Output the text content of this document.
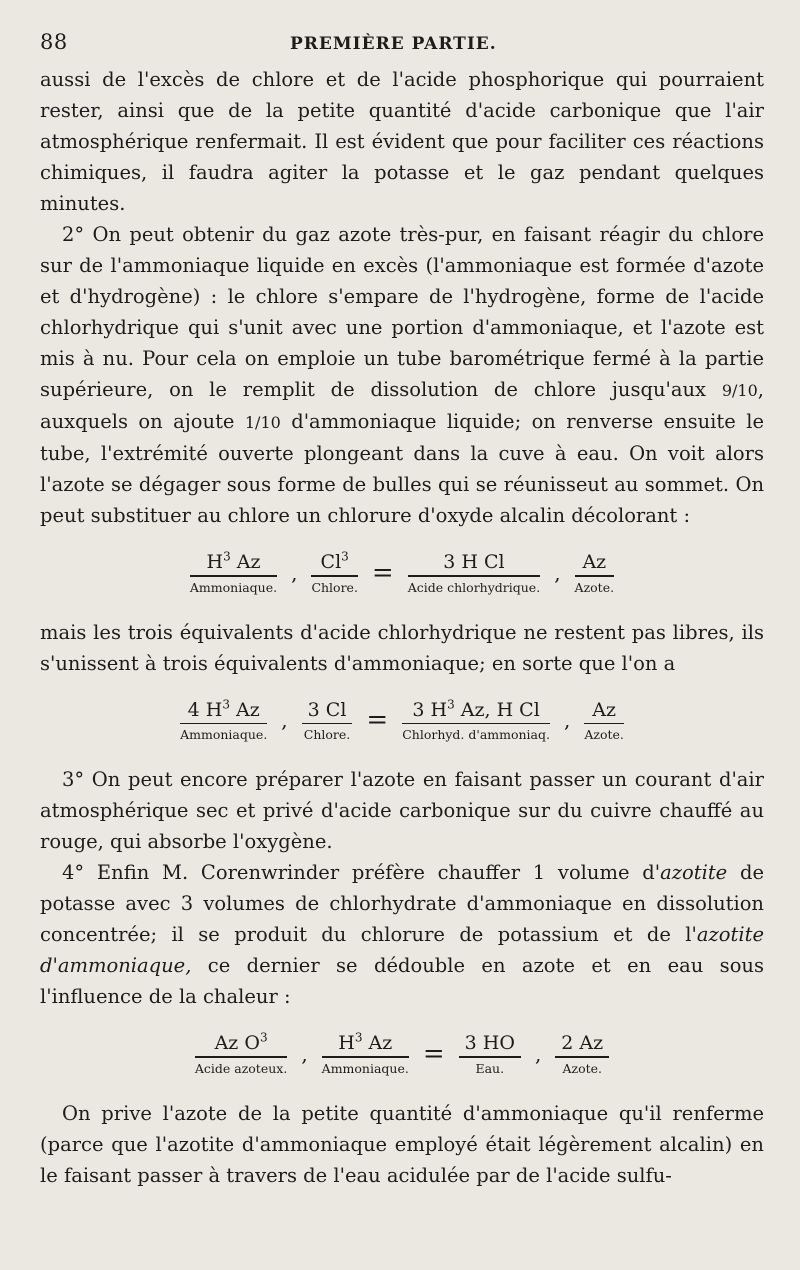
88	PREMIÈRE PARTIE.

aussi de l'excès de chlore et de l'acide phosphorique qui pourraient rester, ainsi que de la petite quantité d'acide carbonique que l'air atmosphérique renfermait. Il est évident que pour faciliter ces réactions chimiques, il faudra agiter la potasse et le gaz pendant quelques minutes.

2° On peut obtenir du gaz azote très-pur, en faisant réagir du chlore sur de l'ammoniaque liquide en excès (l'ammoniaque est formée d'azote et d'hydrogène) : le chlore s'empare de l'hydrogène, forme de l'acide chlorhydrique qui s'unit avec une portion d'ammoniaque, et l'azote est mis à nu. Pour cela on emploie un tube barométrique fermé à la partie supérieure, on le remplit de dissolution de chlore jusqu'aux 9/10, auxquels on ajoute 1/10 d'ammoniaque liquide; on renverse ensuite le tube, l'extrémité ouverte plongeant dans la cuve à eau. On voit alors l'azote se dégager sous forme de bulles qui se réunisseut au sommet. On peut substituer au chlore un chlorure d'oxyde alcalin décolorant :

$H^3$ Az
Ammoniaque.
,	Cl$^3$
Chlore. =	3 H Cl
Acide chlorhydrique.
,	Az
Azote.

mais les trois équivalents d'acide chlorhydrique ne restent pas libres, ils s'unissent à trois équivalents d'ammoniaque; en sorte que l'on a

4 $H^3$ Az
Ammoniaque.
,	3 Cl
Chlore. =	3 $H^3$ Az, H Cl
Chlorhyd. d'ammoniaq.
,	Az
Azote.

3° On peut encore préparer l'azote en faisant passer un courant d'air atmosphérique sec et privé d'acide carbonique sur du cuivre chauffé au rouge, qui absorbe l'oxygène.

4° Enfin M. Corenwrinder préfère chauffer 1 volume d'azotite de potasse avec 3 volumes de chlorhydrate d'ammoniaque en dissolution concentrée; il se produit du chlorure de potassium et de l'azotite d'ammoniaque, ce dernier se dédouble en azote et en eau sous l'influence de la chaleur :

Az $O^3$
Acide azoteux.
,	$H^3$ Az
Ammoniaque. =	3 HO
Eau.
,	2 Az
Azote.

On prive l'azote de la petite quantité d'ammoniaque qu'il renferme (parce que l'azotite d'ammoniaque employé était légèrement alcalin) en le faisant passer à travers de l'eau acidulée par de l'acide sulfu-
